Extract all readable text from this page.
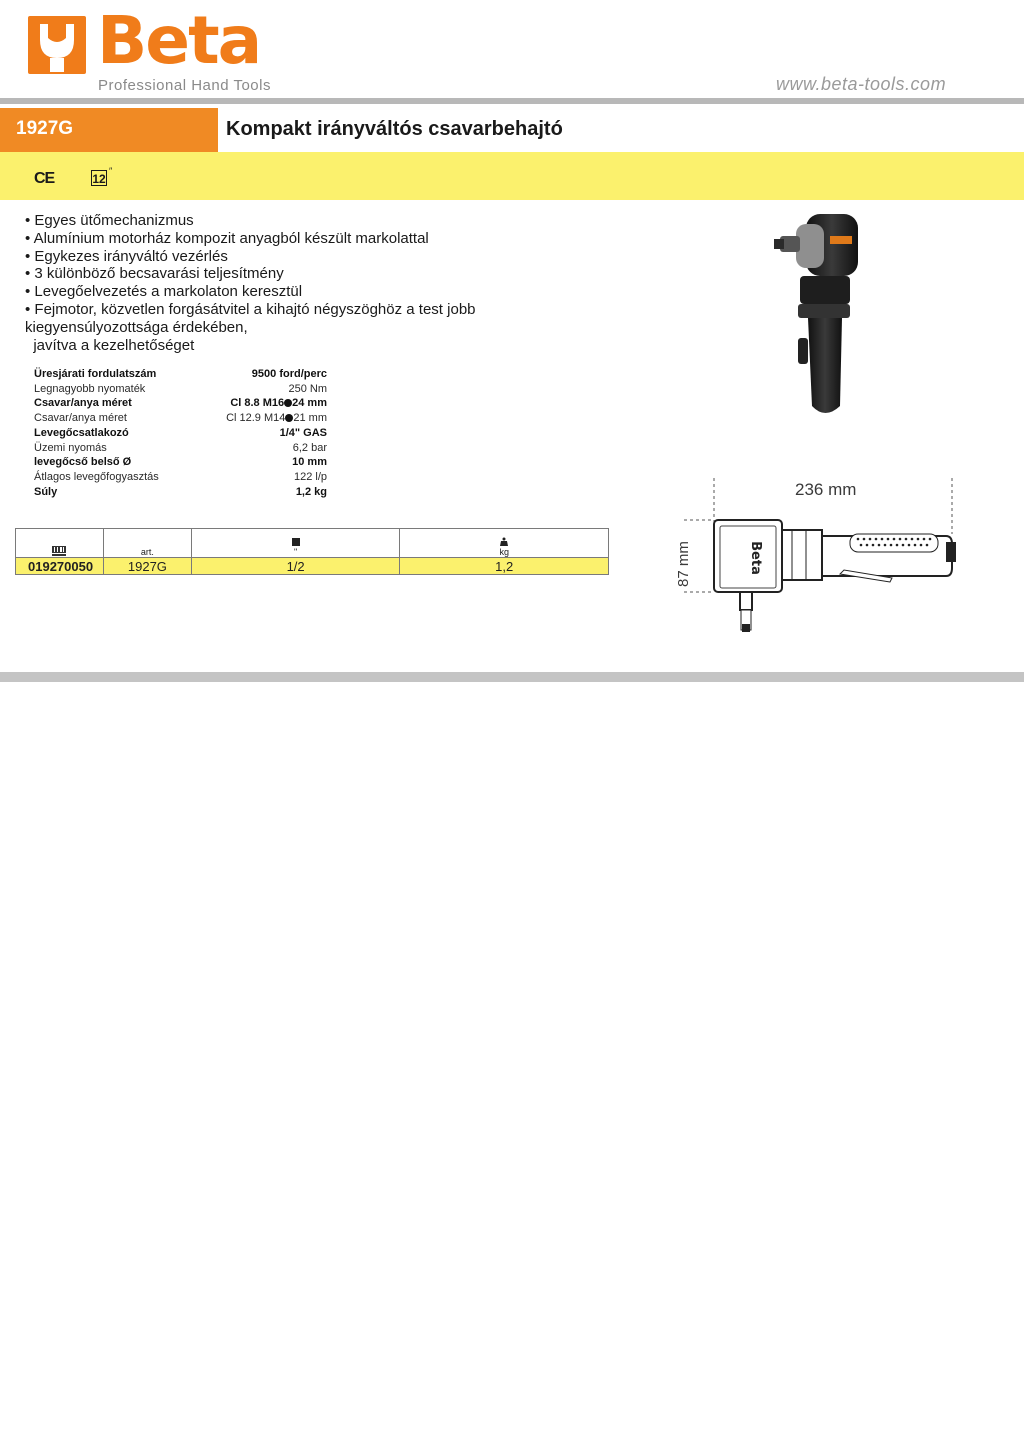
Beta
Professional Hand Tools	www.beta-tools.com
1927G	Kompakt irányváltós csavarbehajtó
CE	12
″
• Egyes ütőmechanizmus
• Alumínium motorház kompozit anyagból készült markolattal
• Egykezes irányváltó vezérlés
• 3 különböző becsavarási teljesítmény
• Levegőelvezetés a markolaton keresztül
• Fejmotor, közvetlen forgásátvitel a kihajtó négyszöghöz a test jobb
kiegyensúlyozottsága érdekében,
javítva a kezelhetőséget
Üresjárati fordulatszám	9500 ford/perc
Legnagyobb nyomaték	250 Nm
Csavar/anya méret	Cl 8.8 M16 24 mm
Csavar/anya méret	Cl 12.9 M14 21 mm
Levegőcsatlakozó	1/4" GAS
Üzemi nyomás	6,2 bar
levegőcső belső Ø	10 mm
Átlagos levegőfogyasztás	122 l/p
Súly	1,2 kg
	art.	"	kg
019270050	1927G	1/2	1,2	Beta
236 mm
87 mm
